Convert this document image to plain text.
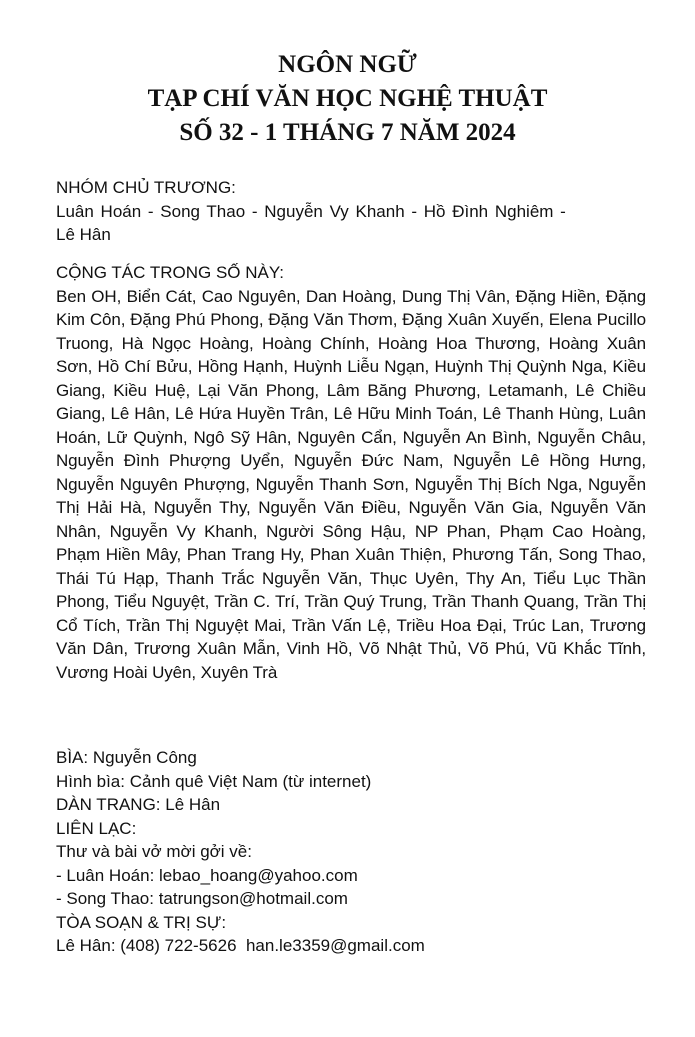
NGÔN NGỮ
TẠP CHÍ VĂN HỌC NGHỆ THUẬT
SỐ 32 - 1 THÁNG 7 NĂM 2024
NHÓM CHỦ TRƯƠNG:
Luân Hoán - Song Thao - Nguyễn Vy Khanh - Hồ Đình Nghiêm -
Lê Hân
CỘNG TÁC TRONG SỐ NÀY:
Ben OH, Biển Cát, Cao Nguyên, Dan Hoàng, Dung Thị Vân, Đặng Hiền, Đặng Kim Côn, Đặng Phú Phong, Đặng Văn Thơm, Đặng Xuân Xuyến, Elena Pucillo Truong, Hà Ngọc Hoàng, Hoàng Chính, Hoàng Hoa Thương, Hoàng Xuân Sơn, Hồ Chí Bửu, Hồng Hạnh, Huỳnh Liễu Ngạn, Huỳnh Thị Quỳnh Nga, Kiều Giang, Kiều Huệ, Lại Văn Phong, Lâm Băng Phương, Letamanh, Lê Chiều Giang, Lê Hân, Lê Hứa Huyền Trân, Lê Hữu Minh Toán, Lê Thanh Hùng, Luân Hoán, Lữ Quỳnh, Ngô Sỹ Hân, Nguyên Cẩn, Nguyễn An Bình, Nguyễn Châu, Nguyễn Đình Phượng Uyển, Nguyễn Đức Nam, Nguyễn Lê Hồng Hưng, Nguyễn Nguyên Phượng, Nguyễn Thanh Sơn, Nguyễn Thị Bích Nga, Nguyễn Thị Hải Hà, Nguyễn Thy, Nguyễn Văn Điều, Nguyễn Văn Gia, Nguyễn Văn Nhân, Nguyễn Vy Khanh, Người Sông Hậu, NP Phan, Phạm Cao Hoàng, Phạm Hiền Mây, Phan Trang Hy, Phan Xuân Thiện, Phương Tấn, Song Thao, Thái Tú Hạp, Thanh Trắc Nguyễn Văn, Thục Uyên, Thy An, Tiểu Lục Thần Phong, Tiểu Nguyệt, Trần C. Trí, Trần Quý Trung, Trần Thanh Quang, Trần Thị Cổ Tích, Trần Thị Nguyệt Mai, Trần Vấn Lệ, Triều Hoa Đại, Trúc Lan, Trương Văn Dân, Trương Xuân Mẫn, Vinh Hồ, Võ Nhật Thủ, Võ Phú, Vũ Khắc Tĩnh, Vương Hoài Uyên, Xuyên Trà
BÌA: Nguyễn Công
Hình bìa: Cảnh quê Việt Nam (từ internet)
DÀN TRANG: Lê Hân
LIÊN LẠC:
Thư và bài vở mời gởi về:
- Luân Hoán: lebao_hoang@yahoo.com
- Song Thao: tatrungson@hotmail.com
TÒA SOẠN & TRỊ SỰ:
Lê Hân: (408) 722-5626  han.le3359@gmail.com
